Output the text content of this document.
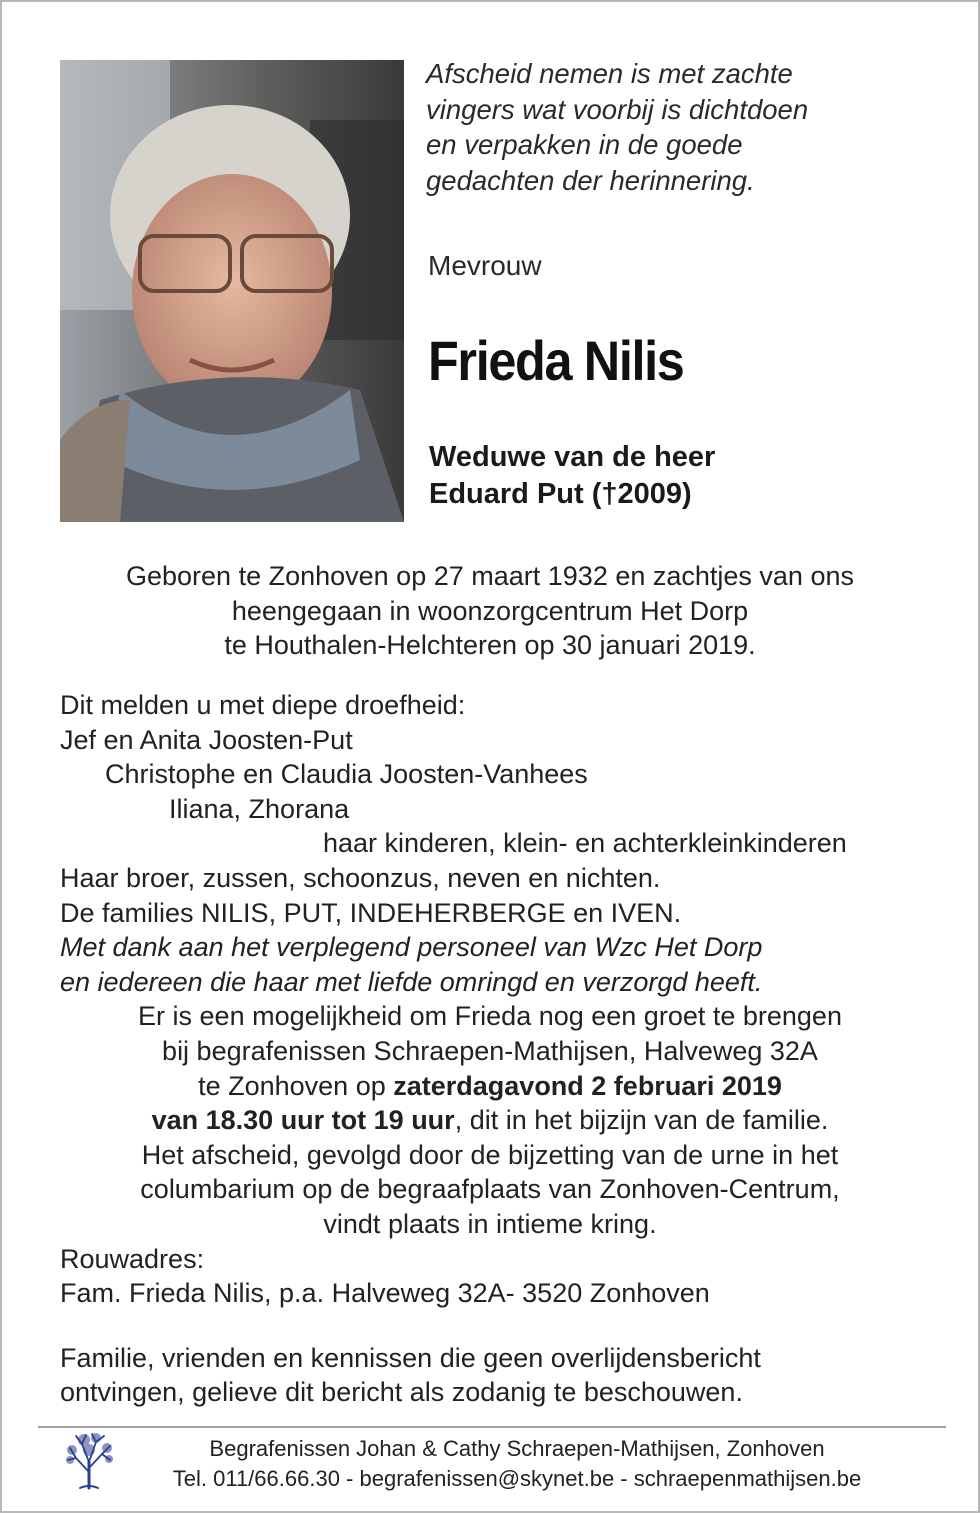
Afscheid nemen is met zachte
vingers wat voorbij is dichtdoen
en verpakken in de goede
gedachten der herinnering.
Mevrouw
Frieda Nilis
Weduwe van de heer
Eduard Put (†2009)
Geboren te Zonhoven op 27 maart 1932 en zachtjes van ons
heengegaan in woonzorgcentrum Het Dorp
te Houthalen-Helchteren op 30 januari 2019.
Dit melden u met diepe droefheid:
Jef en Anita Joosten-Put
Christophe en Claudia Joosten-Vanhees
Iliana, Zhorana
haar kinderen, klein- en achterkleinkinderen
Haar broer, zussen, schoonzus, neven en nichten.
De families NILIS, PUT, INDEHERBERGE en IVEN.
Met dank aan het verplegend personeel van Wzc Het Dorp
en iedereen die haar met liefde omringd en verzorgd heeft.
Er is een mogelijkheid om Frieda nog een groet te brengen
bij begrafenissen Schraepen-Mathijsen, Halveweg 32A
te Zonhoven op zaterdagavond 2 februari 2019
van 18.30 uur tot 19 uur, dit in het bijzijn van de familie.
Het afscheid, gevolgd door de bijzetting van de urne in het
columbarium op de begraafplaats van Zonhoven-Centrum,
vindt plaats in intieme kring.
Rouwadres:
Fam. Frieda Nilis, p.a. Halveweg 32A- 3520 Zonhoven
Familie, vrienden en kennissen die geen overlijdensbericht
ontvingen, gelieve dit bericht als zodanig te beschouwen.
Begrafenissen Johan & Cathy Schraepen-Mathijsen, Zonhoven
Tel. 011/66.66.30 - begrafenissen@skynet.be - schraepenmathijsen.be
